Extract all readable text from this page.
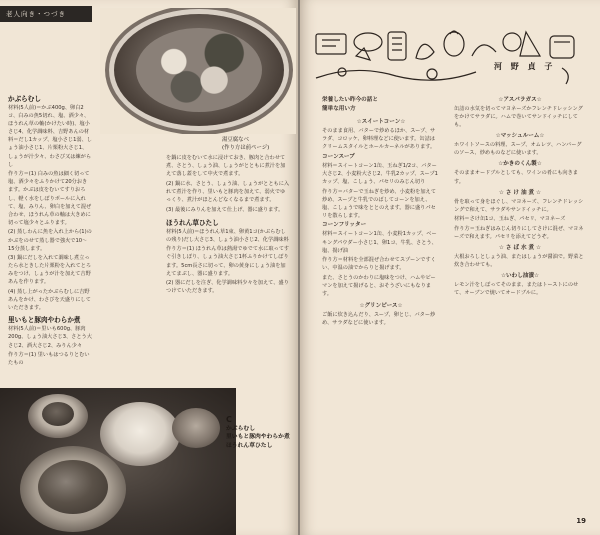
老人向き・つづき
かぶらむし

材料(5人前)＝かぶ400g、卵白2コ、白みの魚5切れ、塩、酒少々、ほうれん草の軸(かけたい時)、塩小さじ4、化学調味料、吉野あんの材料＝だし1カップ、塩小さじ1弱、しょう油小さじ1、片栗粉大さじ1、しょうが汁少々、わさび又は練がらし

作り方＝(1) 白みの魚は細く切って塩、酒少々をふりかけて20分おきます。かぶは皮をむいてすりおろし、軽く水をしぼりボールに入れて、塩、みりん、卵白を加えて混ぜ合わせ、ほうれん草の軸は大きめに切って塩少々とふります。

(2) 蒸しわんに魚を入れ上から(1)のかぶをのせて蒸し器で強火で10〜15分蒸します。

(3) 鍋にだしを入れて調味し煮立ったら水ときした片栗粉を入れてとろみをつけ、しょうが汁を加えて吉野あんを作ります。

(4) 蒸し上がったかぶらむしに吉野あんをかけ、わさびを天盛りにしていただきます。

里いもと豚肉やわらか煮

材料(5人前)＝里いも600g、豚肉200g、しょう油大さじ3、さとう大さじ2、酒大さじ2、みりん少々

作り方＝(1) 里いもはつるりとむいたもの

湯豆腐なべ
(作り方は前ページ)

を鍋に皮をむいて水に浸けておき、豚肉と合わせて煮、さとう、しょう油、しょうがとともに煮汁を加えて落し蓋をして中火で煮ます。

(2) 鍋に水、さとう、しょう油、しょうがとともに入れて煮汁を作り、里いもと豚肉を加えて、弱火でゆっくり、煮汁がほとんどなくなるまで煮ます。

(3) 最後にみりんを加えて仕上げ、器に盛ります。

ほうれん草ひたし

材料(5人前)＝ほうれん草1束、卵黄1コ(かぶらむしの残り)だし大さじ3、しょう油小さじ2、化学調味料

作り方＝(1) ほうれん草は熱湯でゆでて水に取ってすぐ引きしぼり、しょう油大さじ1杯ふりかけてしぼります。5cm長さに切って、卵の黄身にしょう油を加えてまぶし、器に盛ります。

(2) 器にだしを注ぎ、化学調味料少々を加えて、盛りつけていただきます。

C
かぶらむし
里いもと豚肉やわらか煮
ほうれん草ひたし
河 野 貞 子
栄養したい昨今の話と
簡単な用い方
☆スイートコーン☆

そのまま食用、バターで炒めるほか、スープ、サラダ、コロッケ、卵料理などに使います。缶詰はクリームスタイルとホールカーネルがあります。

コーンスープ

材料＝スイートコーン1缶、玉ねぎ1/2コ、バター大さじ2、小麦粉大さじ2、牛乳2カップ、スープ1カップ、塩、こしょう、パセリのみじん切り

作り方＝バターで玉ねぎを炒め、小麦粉を加えて炒め、スープと牛乳でのばしてコーンを加え、塩、こしょうで味をととのえます。器に盛りパセリを散らします。

コーンフリッター

材料＝スイートコーン1缶、小麦粉1カップ、ベーキングパウダー小さじ1、卵1コ、牛乳、さとう、塩、揚げ油

作り方＝材料を全部混ぜ合わせてスプーンですくい、中温の油でからりと揚げます。

また、さとうのかわりに塩味をつけ、ハムやピーマンを加えて揚げると、おそうざいにもなります。

☆グリンピース☆

ご飯に炊き込んだり、スープ、卵とじ、バター炒め、サラダなどに使います。

☆アスパラガス☆

缶詰の水気を切ってマヨネーズかフレンチドレッシングをかけてサラダに。ハムで巻いてサンドイッチにしても。

☆マッシュルーム☆

ホワイトソースの料理、スープ、オムレツ、ハンバーグのソース、炒めものなどに使います。

☆かきのくん製☆

そのままオードブルとしても、ワインの肴にも向きます。

☆ さ け 油 煮 ☆

骨を取って身をほぐし、マヨネーズ、フレンチドレッシングで和えて、サラダやサンドイッチに。

材料＝さけ缶1コ、玉ねぎ、パセリ、マヨネーズ

作り方＝玉ねぎはみじん切りにしてさけに混ぜ、マヨネーズで和えます。パセリを添えてどうぞ。

☆ さ ば 水 煮 ☆

大根おろしとしょう油、またはしょうが醤油で。野菜と炊き合わせても。

☆いわし油漬☆

レモン汁をしぼってそのまま、またはトーストにのせて、オーブンで焼いてオードブルに。

19
